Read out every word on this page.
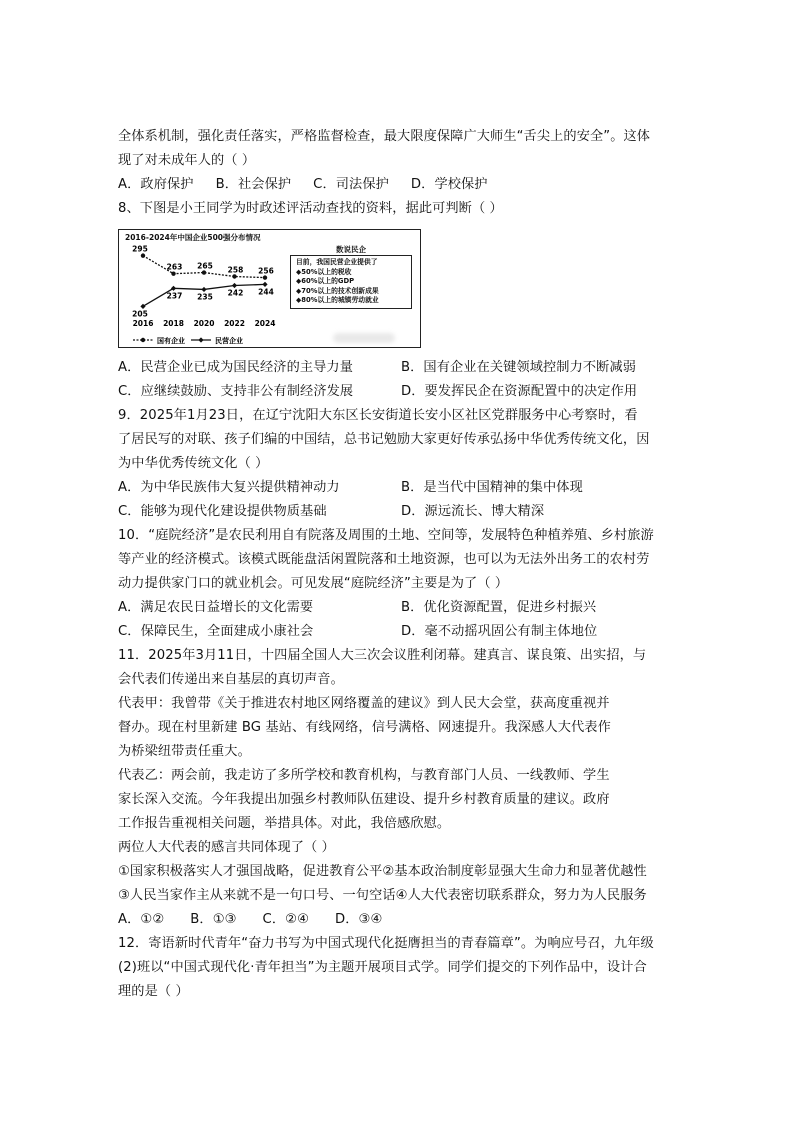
全体系机制，强化责任落实，严格监督检查，最大限度保障广大师生“舌尖上的安全”。这体
现了对未成年人的（ ）
A．政府保护 B．社会保护 C．司法保护 D．学校保护
8、下图是小王同学为时政述评活动查找的资料，据此可判断（ ）
2016-2024年中国企业500强分布情况
295
263 265 258 256
205
237 235 242 244
2016 2018 2020 2022 2024
国有企业	民营企业
数说民企
目前，我国民营企业提供了
◆50%以上的税收
◆60%以上的GDP
◆70%以上的技术创新成果
◆80%以上的城镇劳动就业
A．民营企业已成为国民经济的主导力量	B．国有企业在关键领域控制力不断减弱
C．应继续鼓励、支持非公有制经济发展	D．要发挥民企在资源配置中的决定作用
9．2025年1月23日，在辽宁沈阳大东区长安街道长安小区社区党群服务中心考察时，看
了居民写的对联、孩子们编的中国结，总书记勉励大家更好传承弘扬中华优秀传统文化，因
为中华优秀传统文化（ ）
A．为中华民族伟大复兴提供精神动力	B．是当代中国精神的集中体现
C．能够为现代化建设提供物质基础	D．源远流长、博大精深
10．“庭院经济”是农民利用自有院落及周围的土地、空间等，发展特色种植养殖、乡村旅游
等产业的经济模式。该模式既能盘活闲置院落和土地资源，也可以为无法外出务工的农村劳
动力提供家门口的就业机会。可见发展“庭院经济”主要是为了（ ）
A．满足农民日益增长的文化需要	B．优化资源配置，促进乡村振兴
C．保障民生，全面建成小康社会	D．毫不动摇巩固公有制主体地位
11．2025年3月11日，十四届全国人大三次会议胜利闭幕。建真言、谋良策、出实招，与
会代表们传递出来自基层的真切声音。
代表甲：我曾带《关于推进农村地区网络覆盖的建议》到人民大会堂，获高度重视并
督办。现在村里新建 BG 基站、有线网络，信号满格、网速提升。我深感人大代表作
为桥梁纽带责任重大。
代表乙：两会前，我走访了多所学校和教育机构，与教育部门人员、一线教师、学生
家长深入交流。今年我提出加强乡村教师队伍建设、提升乡村教育质量的建议。政府
工作报告重视相关问题，举措具体。对此，我倍感欣慰。
两位人大代表的感言共同体现了（ ）
①国家积极落实人才强国战略，促进教育公平②基本政治制度彰显强大生命力和显著优越性
③人民当家作主从来就不是一句口号、一句空话④人大代表密切联系群众，努力为人民服务
A．①② B．①③ C．②④ D．③④
12．寄语新时代青年“奋力书写为中国式现代化挺膺担当的青春篇章”。为响应号召，九年级
(2)班以“中国式现代化·青年担当”为主题开展项目式学。同学们提交的下列作品中，设计合
理的是（ ）
